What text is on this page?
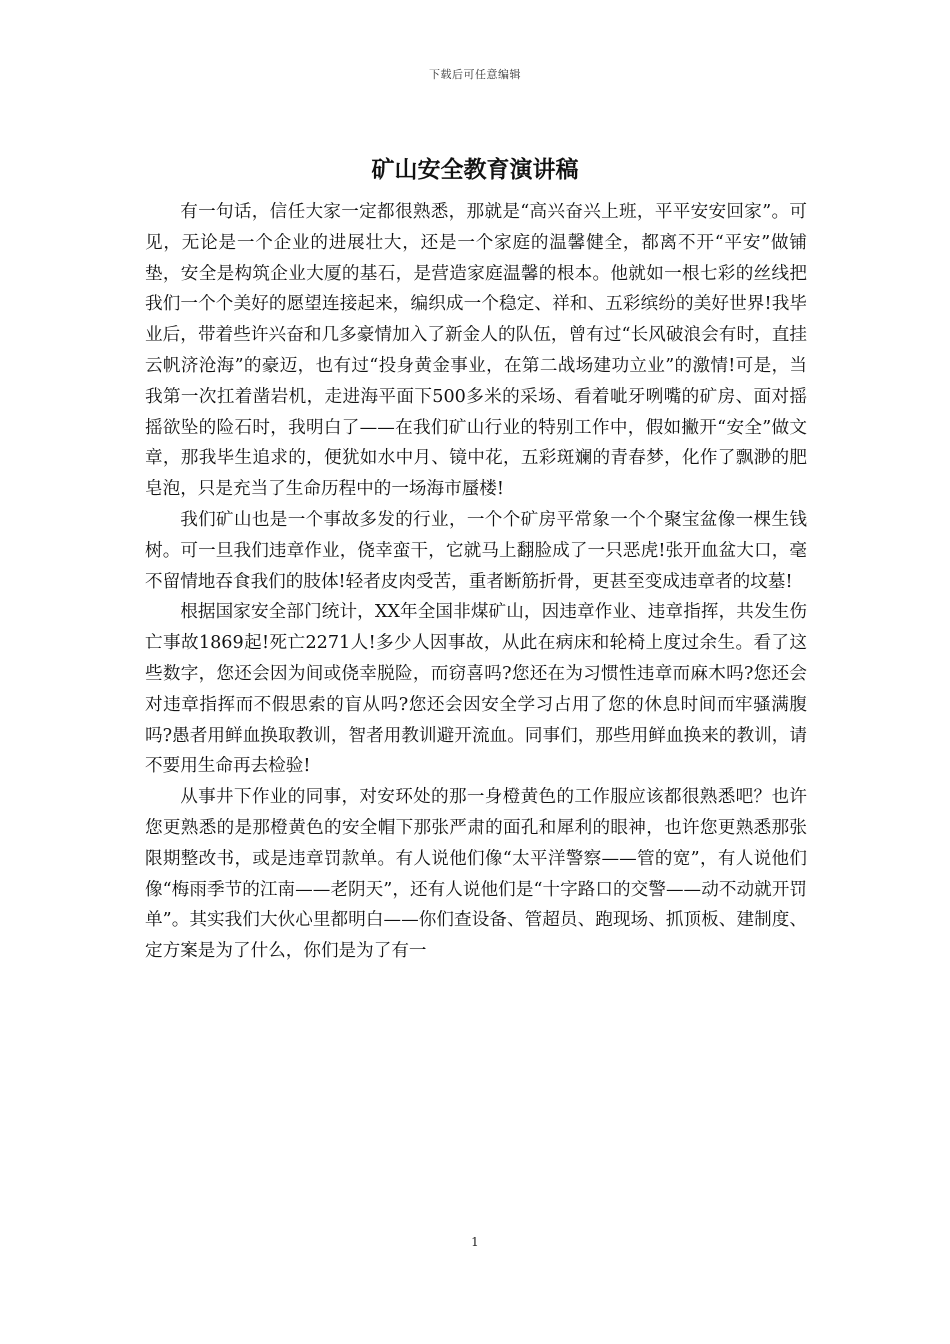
下载后可任意编辑
矿山安全教育演讲稿

有一句话，信任大家一定都很熟悉，那就是“高兴奋兴上班，平平安安回家”。可见，无论是一个企业的进展壮大，还是一个家庭的温馨健全，都离不开“平安”做铺垫，安全是构筑企业大厦的基石，是营造家庭温馨的根本。他就如一根七彩的丝线把我们一个个美好的愿望连接起来，编织成一个稳定、祥和、五彩缤纷的美好世界!我毕业后，带着些许兴奋和几多豪情加入了新金人的队伍，曾有过“长风破浪会有时，直挂云帆济沧海”的豪迈，也有过“投身黄金事业，在第二战场建功立业”的激情!可是，当我第一次扛着凿岩机，走进海平面下500多米的采场、看着呲牙咧嘴的矿房、面对摇摇欲坠的险石时，我明白了——在我们矿山行业的特别工作中，假如撇开“安全”做文章，那我毕生追求的，便犹如水中月、镜中花，五彩斑斓的青春梦，化作了飘渺的肥皂泡，只是充当了生命历程中的一场海市蜃楼!

我们矿山也是一个事故多发的行业，一个个矿房平常象一个个聚宝盆像一棵生钱树。可一旦我们违章作业，侥幸蛮干，它就马上翻脸成了一只恶虎!张开血盆大口，毫不留情地吞食我们的肢体!轻者皮肉受苦，重者断筋折骨，更甚至变成违章者的坟墓!

根据国家安全部门统计，XX年全国非煤矿山，因违章作业、违章指挥，共发生伤亡事故1869起!死亡2271人!多少人因事故，从此在病床和轮椅上度过余生。看了这些数字，您还会因为间或侥幸脱险，而窃喜吗?您还在为习惯性违章而麻木吗?您还会对违章指挥而不假思索的盲从吗?您还会因安全学习占用了您的休息时间而牢骚满腹吗?愚者用鲜血换取教训，智者用教训避开流血。同事们，那些用鲜血换来的教训，请不要用生命再去检验!

从事井下作业的同事，对安环处的那一身橙黄色的工作服应该都很熟悉吧？也许您更熟悉的是那橙黄色的安全帽下那张严肃的面孔和犀利的眼神，也许您更熟悉那张限期整改书，或是违章罚款单。有人说他们像“太平洋警察——管的宽”，有人说他们像“梅雨季节的江南——老阴天”，还有人说他们是“十字路口的交警——动不动就开罚单”。其实我们大伙心里都明白——你们查设备、管超员、跑现场、抓顶板、建制度、定方案是为了什么，你们是为了有一

1
